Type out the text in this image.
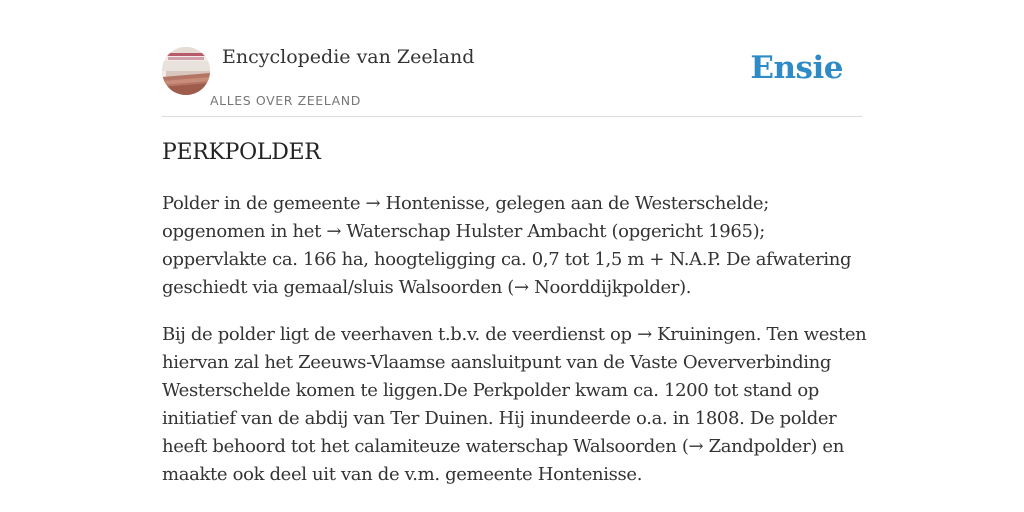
Encyclopedie van Zeeland
ALLES OVER ZEELAND
Ensie
PERKPOLDER

Polder in de gemeente → Hontenisse, gelegen aan de Westerschelde; opgenomen in het → Waterschap Hulster Ambacht (opgericht 1965); oppervlakte ca. 166 ha, hoogteligging ca. 0,7 tot 1,5 m + N.A.P. De afwatering geschiedt via gemaal/sluis Walsoorden (→ Noorddijkpolder).

Bij de polder ligt de veerhaven t.b.v. de veerdienst op → Kruiningen. Ten westen hiervan zal het Zeeuws-Vlaamse aansluitpunt van de Vaste Oeververbinding Westerschelde komen te liggen.De Perkpolder kwam ca. 1200 tot stand op initiatief van de abdij van Ter Duinen. Hij inundeerde o.a. in 1808. De polder heeft behoord tot het calamiteuze waterschap Walsoorden (→ Zandpolder) en maakte ook deel uit van de v.m. gemeente Hontenisse.
